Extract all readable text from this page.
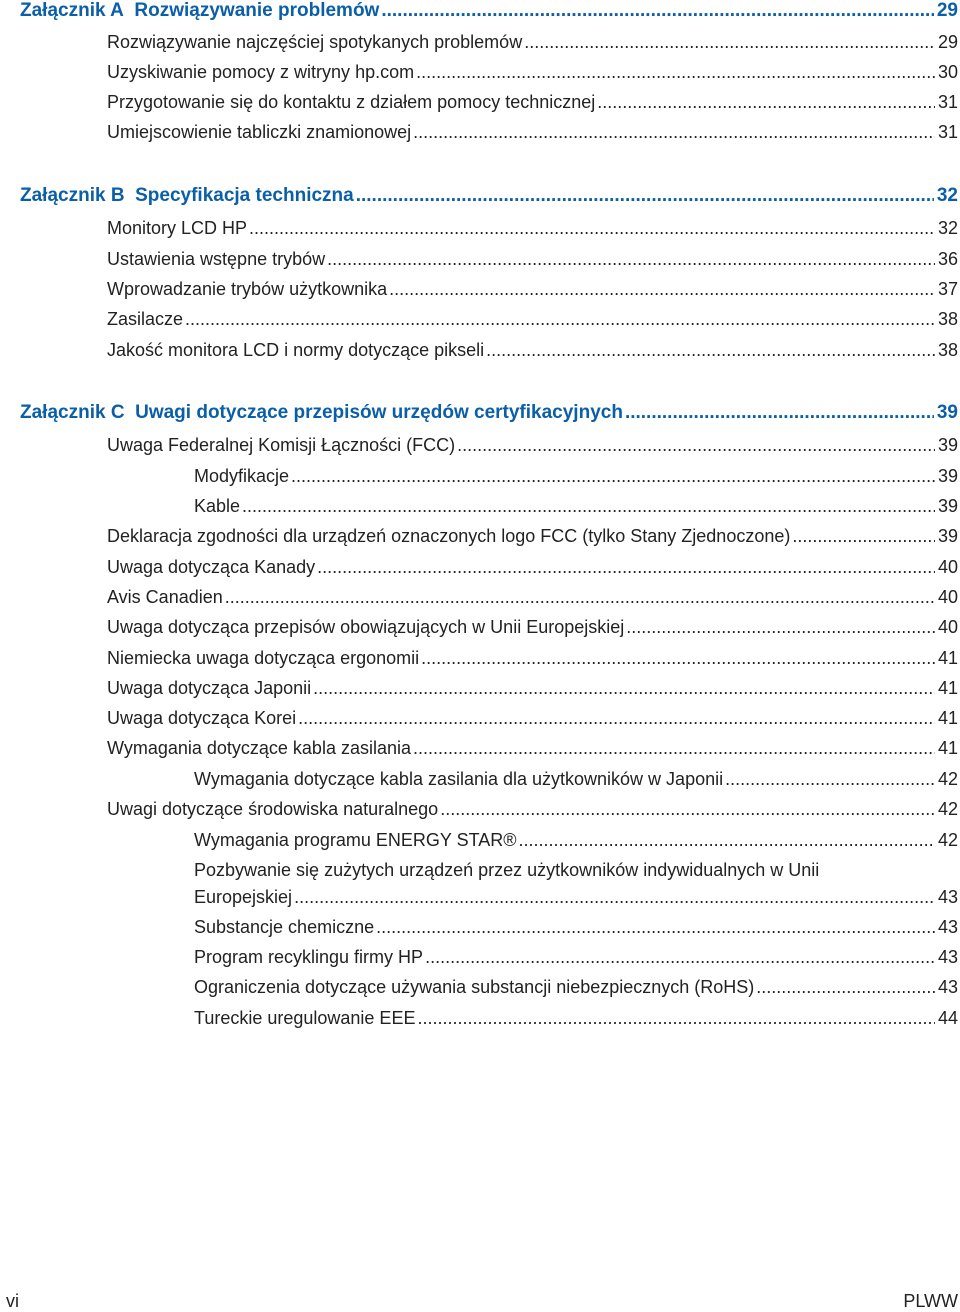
Załącznik A Rozwiązywanie problemów .....	29
Rozwiązywanie najczęściej spotykanych problemów .....	29
Uzyskiwanie pomocy z witryny hp.com .....	30
Przygotowanie się do kontaktu z działem pomocy technicznej .....	31
Umiejscowienie tabliczki znamionowej .....	31
Załącznik B Specyfikacja techniczna .....	32
Monitory LCD HP .....	32
Ustawienia wstępne trybów .....	36
Wprowadzanie trybów użytkownika .....	37
Zasilacze .....	38
Jakość monitora LCD i normy dotyczące pikseli .....	38
Załącznik C Uwagi dotyczące przepisów urzędów certyfikacyjnych .....	39
Uwaga Federalnej Komisji Łączności (FCC) .....	39
Modyfikacje .....	39
Kable .....	39
Deklaracja zgodności dla urządzeń oznaczonych logo FCC (tylko Stany Zjednoczone) .....	39
Uwaga dotycząca Kanady .....	40
Avis Canadien .....	40
Uwaga dotycząca przepisów obowiązujących w Unii Europejskiej .....	40
Niemiecka uwaga dotycząca ergonomii .....	41
Uwaga dotycząca Japonii .....	41
Uwaga dotycząca Korei .....	41
Wymagania dotyczące kabla zasilania .....	41
Wymagania dotyczące kabla zasilania dla użytkowników w Japonii .....	42
Uwagi dotyczące środowiska naturalnego .....	42
Wymagania programu ENERGY STAR® .....	42
Pozbywanie się zużytych urządzeń przez użytkowników indywidualnych w Unii
Europejskiej .....	43
Substancje chemiczne .....	43
Program recyklingu firmy HP .....	43
Ograniczenia dotyczące używania substancji niebezpiecznych (RoHS) .....	43
Tureckie uregulowanie EEE .....	44
vi	PLWW
